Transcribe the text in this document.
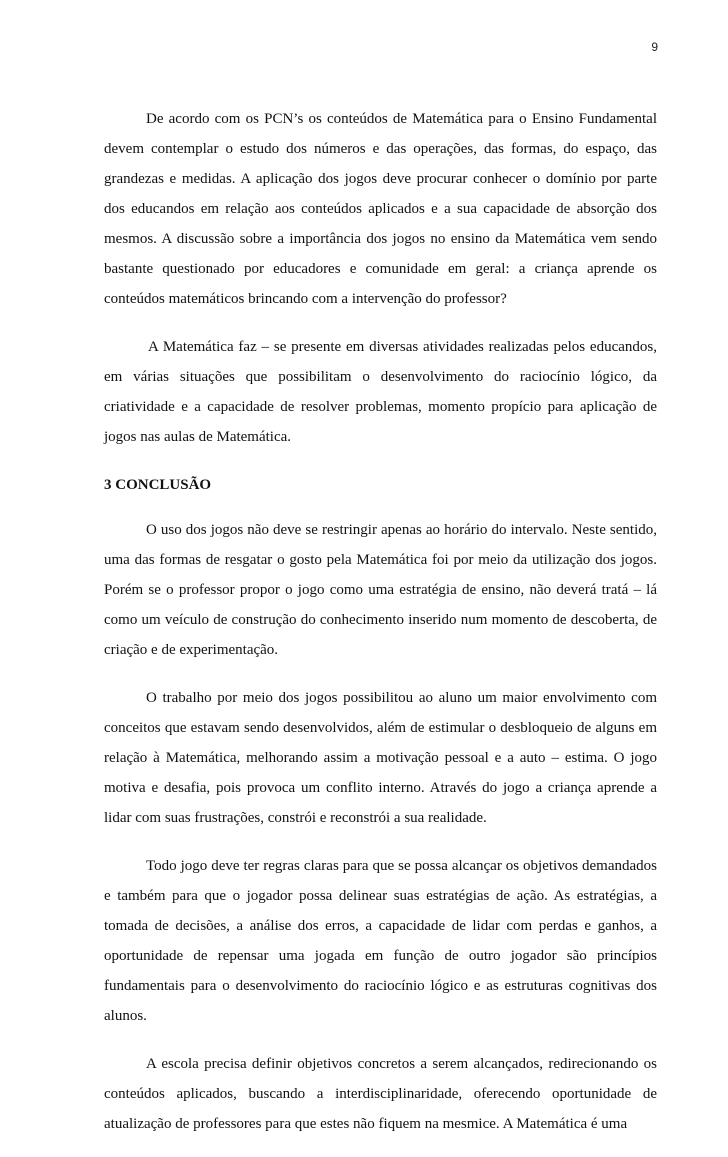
9

De acordo com os PCN’s os conteúdos de Matemática para o Ensino Fundamental devem contemplar o estudo dos números e das operações, das formas, do espaço, das grandezas e medidas. A aplicação dos jogos deve procurar conhecer o domínio por parte dos educandos em relação aos conteúdos aplicados e a sua capacidade de absorção dos mesmos. A discussão sobre a importância dos jogos no ensino da Matemática vem sendo bastante questionado por educadores e comunidade em geral: a criança aprende os conteúdos matemáticos brincando com a intervenção do professor?

A Matemática faz – se presente em diversas atividades realizadas pelos educandos, em várias situações que possibilitam o desenvolvimento do raciocínio lógico, da criatividade e a capacidade de resolver problemas, momento propício para aplicação de jogos nas aulas de Matemática.

3 CONCLUSÃO

O uso dos jogos não deve se restringir apenas ao horário do intervalo. Neste sentido, uma das formas de resgatar o gosto pela Matemática foi por meio da utilização dos jogos. Porém se o professor propor o jogo como uma estratégia de ensino, não deverá tratá – lá como um veículo de construção do conhecimento inserido num momento de descoberta, de criação e de experimentação.

O trabalho por meio dos jogos possibilitou ao aluno um maior envolvimento com conceitos que estavam sendo desenvolvidos, além de estimular o desbloqueio de alguns em relação à Matemática, melhorando assim a motivação pessoal e a auto – estima. O jogo motiva e desafia, pois provoca um conflito interno. Através do jogo a criança aprende a lidar com suas frustrações, constrói e reconstrói a sua realidade.

Todo jogo deve ter regras claras para que se possa alcançar os objetivos demandados e também para que o jogador possa delinear suas estratégias de ação. As estratégias, a tomada de decisões, a análise dos erros, a capacidade de lidar com perdas e ganhos, a oportunidade de repensar uma jogada em função de outro jogador são princípios fundamentais para o desenvolvimento do raciocínio lógico e as estruturas cognitivas dos alunos.

A escola precisa definir objetivos concretos a serem alcançados, redirecionando os conteúdos aplicados, buscando a interdisciplinaridade, oferecendo oportunidade de atualização de professores para que estes não fiquem na mesmice. A Matemática é uma
